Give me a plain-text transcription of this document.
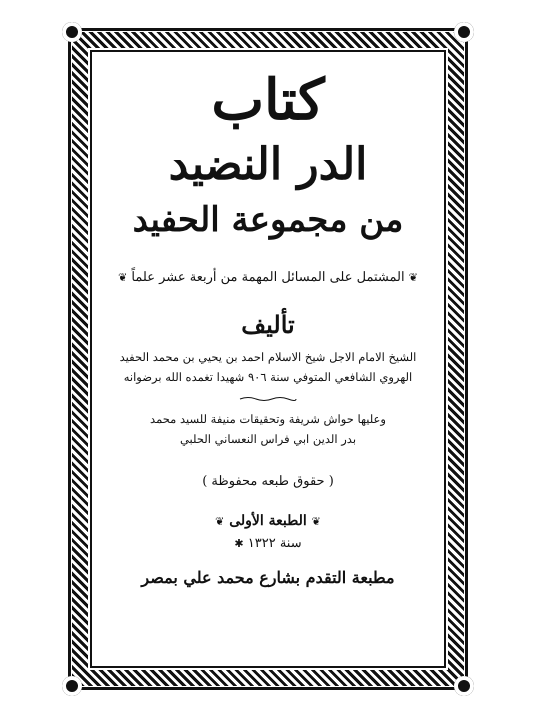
كتاب
الدر النضيد
من مجموعة الحفيد
❦ المشتمل على المسائل المهمة من أربعة عشر علماً ❦
تأليف
الشيخ الامام الاجل شيخ الاسلام احمد بن يحيي بن محمد الحفيد
الهروي الشافعي المتوفي سنة ٩٠٦ شهيدا تغمده الله برضوانه
وعليها حواش شريفة وتحقيقات منيفة للسيد محمد
بدر الدين ابي فراس النعساني الحلبي
( حقوق طبعه محفوظة )
❦ الطبعة الأولى ❦
سنة ١٣٢٢ ✱
مطبعة التقدم بشارع محمد علي بمصر
